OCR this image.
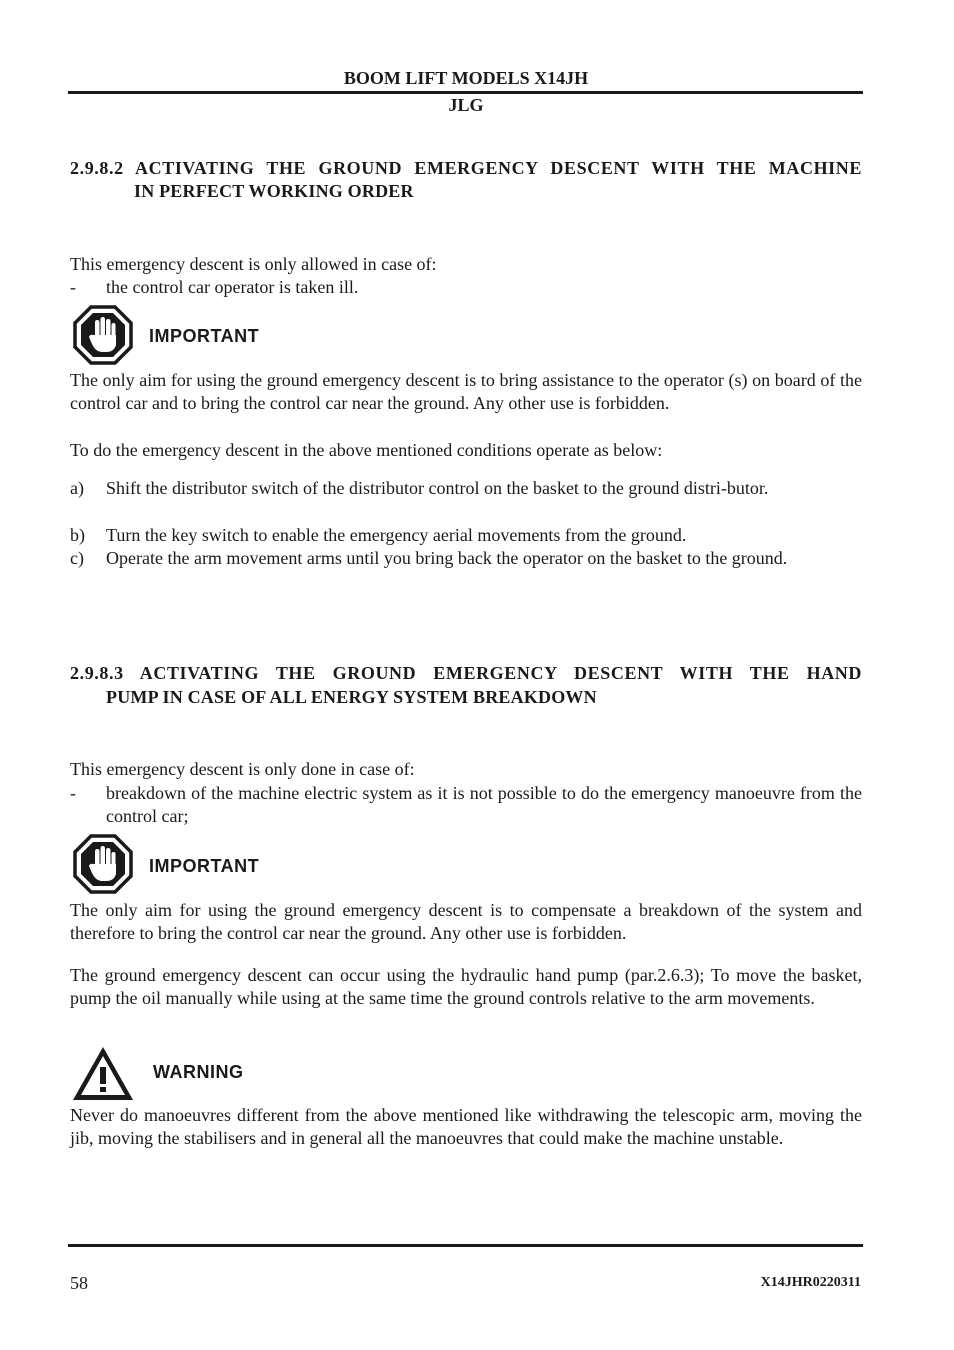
BOOM LIFT MODELS X14JH
JLG
2.9.8.2 ACTIVATING THE GROUND EMERGENCY DESCENT WITH THE MACHINE
IN PERFECT WORKING ORDER
This emergency descent is only allowed in case of:
- the control car operator is taken ill.
IMPORTANT
The only aim for using the ground emergency descent is to bring assistance to the operator (s) on board of the control car and to bring the control car near the ground. Any other use is forbidden.
To do the emergency descent in the above mentioned conditions operate as below:
a) Shift the distributor switch of the distributor control on the basket to the ground distri-butor.
b) Turn the key switch to enable the emergency aerial movements from the ground.
c) Operate the arm movement arms until you bring back the operator on the basket to the ground.
2.9.8.3 ACTIVATING THE GROUND EMERGENCY DESCENT WITH THE HAND
PUMP IN CASE OF ALL ENERGY SYSTEM BREAKDOWN
This emergency descent is only done in case of:
- breakdown of the machine electric system as it is not possible to do the emergency manoeuvre from the control car;
IMPORTANT
The only aim for using the ground emergency descent is to compensate a breakdown of the system and therefore to bring the control car near the ground. Any other use is forbidden.
The ground emergency descent can occur using the hydraulic hand pump (par.2.6.3); To move the basket, pump the oil manually while using at the same time the ground controls relative to the arm movements.
WARNING
Never do manoeuvres different from the above mentioned like withdrawing the telescopic arm, moving the jib, moving the stabilisers and in general all the manoeuvres that could make the machine unstable.
58	X14JHR0220311
